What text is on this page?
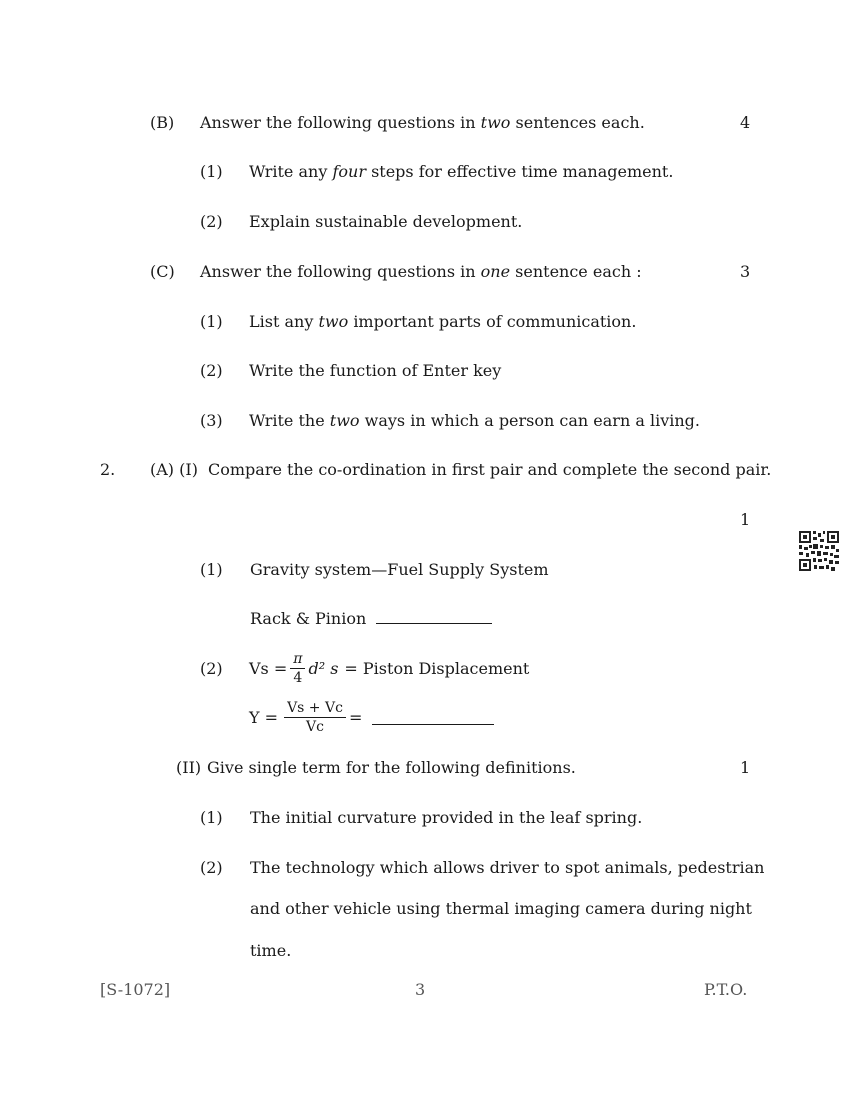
(B) Answer the following questions in two sentences each.	4
(1) Write any four steps for effective time management.
(2) Explain sustainable development.
(C) Answer the following questions in one sentence each :	3
(1) List any two important parts of communication.
(2) Write the function of Enter key
(3) Write the two ways in which a person can earn a living.
2. (A) (I) Compare the co-ordination in first pair and complete the second pair.
1
(1) Gravity system—Fuel Supply System
Rack & Pinion
(2) $Vs = \frac{\pi}{4} d^2$ s = Piston Displacement
$Y = \frac{Vs + Vc}{Vc}$ =
(II) Give single term for the following definitions.	1
(1) The initial curvature provided in the leaf spring.
(2) The technology which allows driver to spot animals, pedestrian
and other vehicle using thermal imaging camera during night
time.
[S-1072]	3	P.T.O.
